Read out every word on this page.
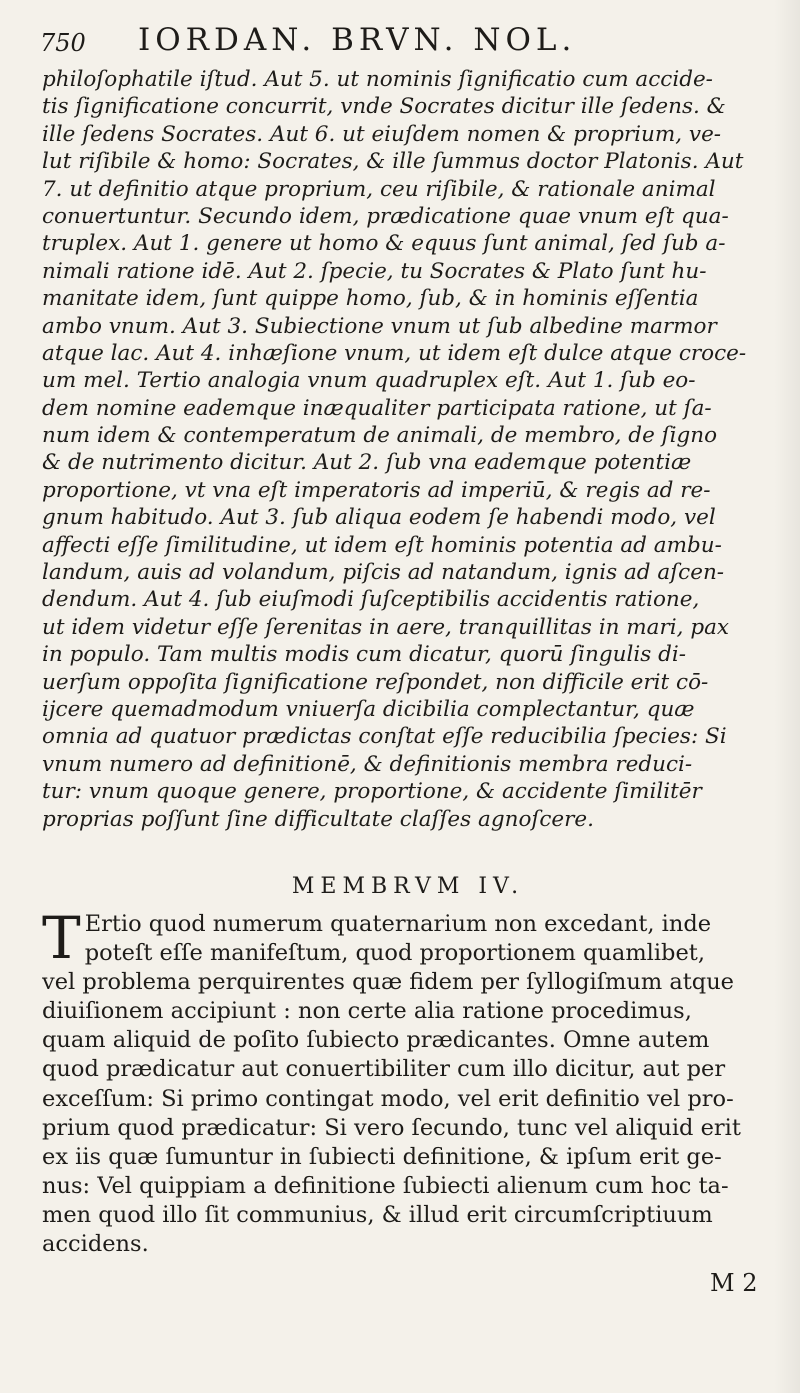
750 IORDAN. BRVN. NOL.
philoſophatile iſtud. Aut 5. ut nominis ſignificatio cum accide-
tis ſignificatione concurrit, vnde Socrates dicitur ille ſedens. &
ille ſedens Socrates. Aut 6. ut eiuſdem nomen & proprium, ve-
lut riſibile & homo: Socrates, & ille ſummus doctor Platonis. Aut
7. ut definitio atque proprium, ceu riſibile, & rationale animal
conuertuntur. Secundo idem, prædicatione quae vnum eſt qua-
truplex. Aut 1. genere ut homo & equus ſunt animal, ſed ſub a-
nimali ratione idē. Aut 2. ſpecie, tu Socrates & Plato ſunt hu-
manitate idem, ſunt quippe homo, ſub, & in hominis eſſentia
ambo vnum. Aut 3. Subiectione vnum ut ſub albedine marmor
atque lac. Aut 4. inhæſione vnum, ut idem eſt dulce atque croce-
um mel. Tertio analogia vnum quadruplex eſt. Aut 1. ſub eo-
dem nomine eademque inæqualiter participata ratione, ut ſa-
num idem & contemperatum de animali, de membro, de ſigno
& de nutrimento dicitur. Aut 2. ſub vna eademque potentiæ
proportione, vt vna eſt imperatoris ad imperiū, & regis ad re-
gnum habitudo. Aut 3. ſub aliqua eodem ſe habendi modo, vel
affecti eſſe ſimilitudine, ut idem eſt hominis potentia ad ambu-
landum, auis ad volandum, piſcis ad natandum, ignis ad aſcen-
dendum. Aut 4. ſub eiuſmodi ſuſceptibilis accidentis ratione,
ut idem videtur eſſe ſerenitas in aere, tranquillitas in mari, pax
in populo. Tam multis modis cum dicatur, quorū ſingulis di-
uerſum oppoſita ſignificatione reſpondet, non difficile erit cō-
ijcere quemadmodum vniuerſa dicibilia complectantur, quæ
omnia ad quatuor prædictas conſtat eſſe reducibilia ſpecies: Si
vnum numero ad definitionē, & definitionis membra reduci-
tur: vnum quoque genere, proportione, & accidente ſimilitēr
proprias poſſunt ſine difficultate claſſes agnoſcere.
MEMBRVM IV.
T Ertio quod numerum quaternarium non excedant, inde
poteſt eſſe manifeſtum, quod proportionem quamlibet,
vel problema perquirentes quæ fidem per ſyllogiſmum atque
diuiſionem accipiunt : non certe alia ratione procedimus,
quam aliquid de poſito ſubiecto prædicantes. Omne autem
quod prædicatur aut conuertibiliter cum illo dicitur, aut per
exceſſum: Si primo contingat modo, vel erit definitio vel pro-
prium quod prædicatur: Si vero ſecundo, tunc vel aliquid erit
ex iis quæ ſumuntur in ſubiecti definitione, & ipſum erit ge-
nus: Vel quippiam a definitione ſubiecti alienum cum hoc ta-
men quod illo ſit communius, & illud erit circumſcriptiuum
accidens.
M 2
